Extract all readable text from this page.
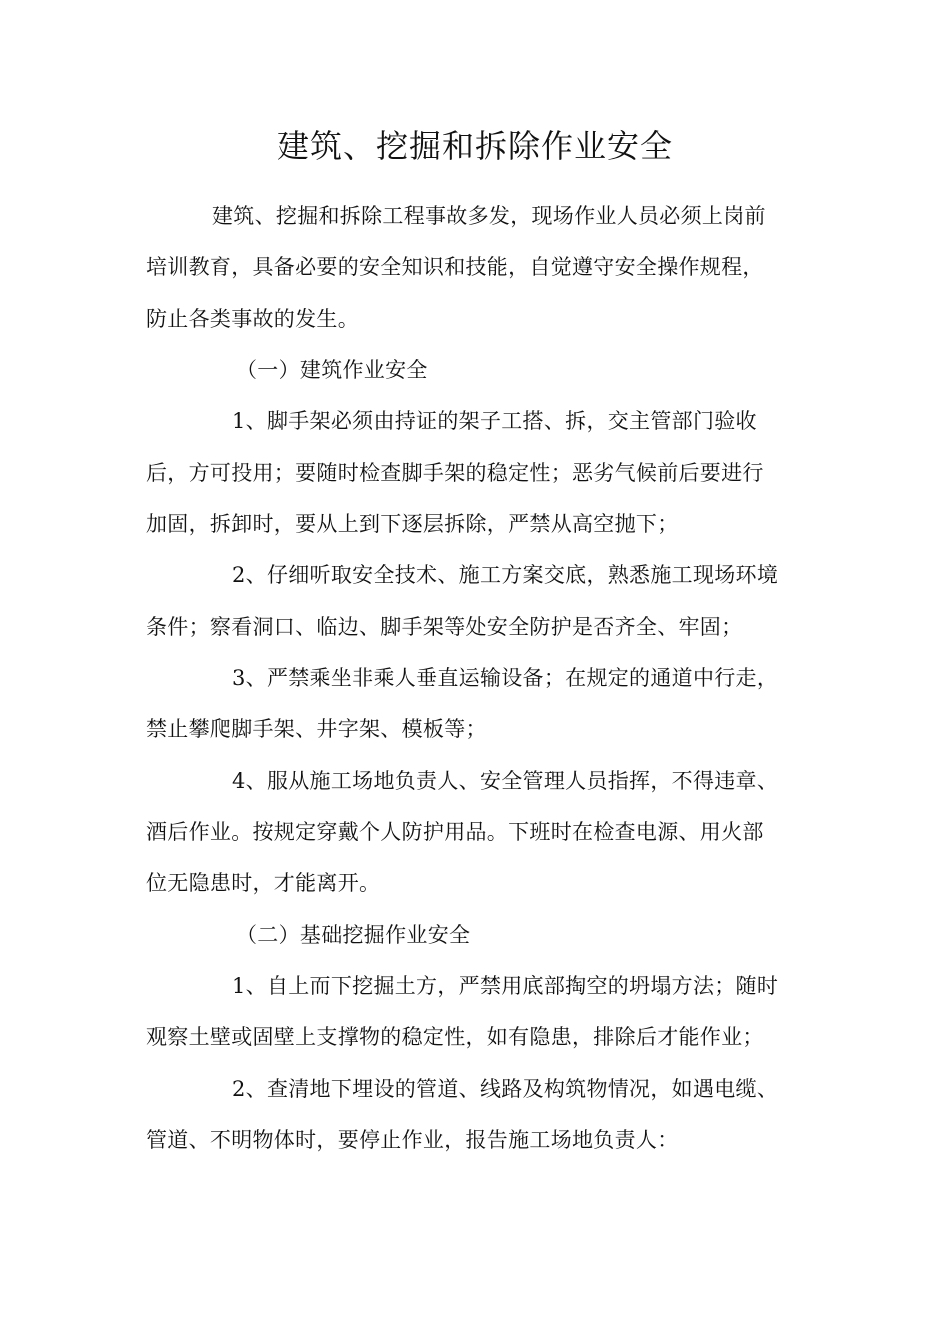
建筑、挖掘和拆除作业安全
建筑、挖掘和拆除工程事故多发，现场作业人员必须上岗前
培训教育，具备必要的安全知识和技能，自觉遵守安全操作规程，
防止各类事故的发生。
（一）建筑作业安全
1、脚手架必须由持证的架子工搭、拆，交主管部门验收
后，方可投用；要随时检查脚手架的稳定性；恶劣气候前后要进行
加固，拆卸时，要从上到下逐层拆除，严禁从高空抛下；
2、仔细听取安全技术、施工方案交底，熟悉施工现场环境
条件；察看洞口、临边、脚手架等处安全防护是否齐全、牢固；
3、严禁乘坐非乘人垂直运输设备；在规定的通道中行走，
禁止攀爬脚手架、井字架、模板等；
4、服从施工场地负责人、安全管理人员指挥，不得违章、
酒后作业。按规定穿戴个人防护用品。下班时在检查电源、用火部
位无隐患时，才能离开。
（二）基础挖掘作业安全
1、自上而下挖掘土方，严禁用底部掏空的坍塌方法；随时
观察土壁或固壁上支撑物的稳定性，如有隐患，排除后才能作业；
2、查清地下埋设的管道、线路及构筑物情况，如遇电缆、
管道、不明物体时，要停止作业，报告施工场地负责人：
